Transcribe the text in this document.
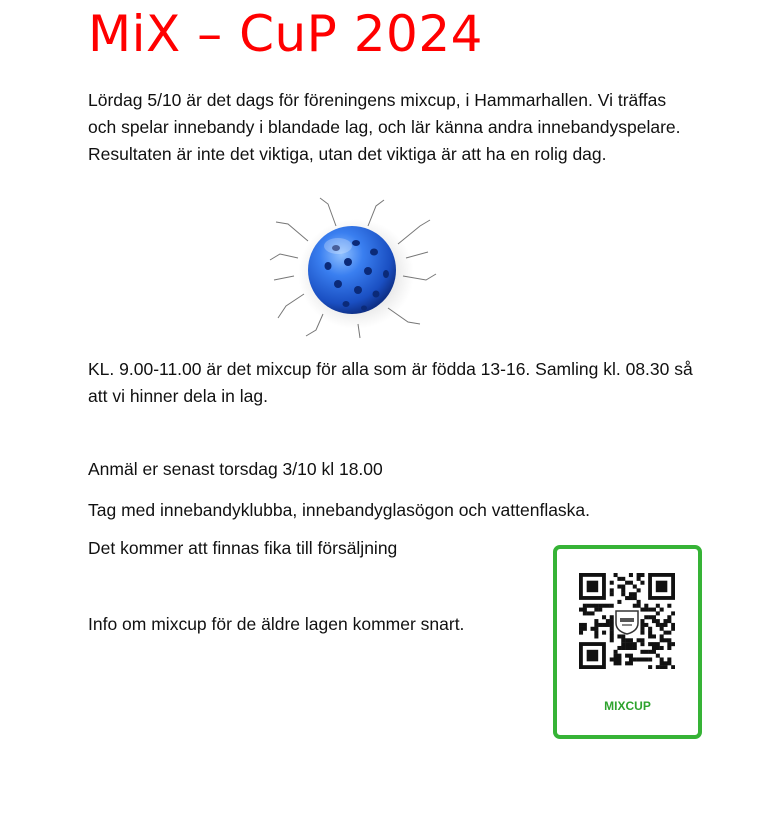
MiX – CuP 2024

Lördag 5/10 är det dags för föreningens mixcup, i Hammarhallen. Vi träffas och spelar innebandy i blandade lag, och lär känna andra innebandyspelare. Resultaten är inte det viktiga, utan det viktiga är att ha en rolig dag.

KL. 9.00-11.00 är det mixcup för alla som är födda 13-16. Samling kl. 08.30 så att vi hinner dela in lag.

Anmäl er senast torsdag 3/10 kl 18.00

Tag med innebandyklubba, innebandyglasögon och vattenflaska.

Det kommer att finnas fika till försäljning

Info om mixcup för de äldre lagen kommer snart.

MIXCUP
